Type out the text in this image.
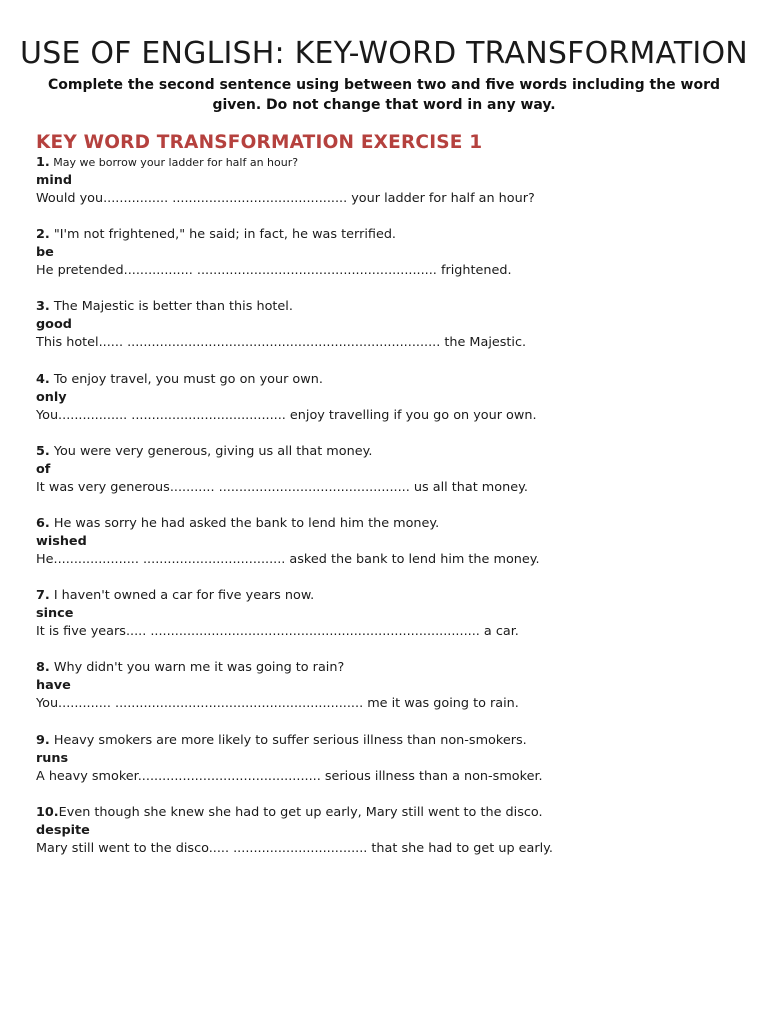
USE OF ENGLISH: KEY-WORD TRANSFORMATION
Complete the second sentence using between two and five words including the word given. Do not change that word in any way.
KEY WORD TRANSFORMATION EXERCISE 1
1. May we borrow your ladder for half an hour?
mind
Would you................ ........................................... your ladder for half an hour?
2. "I'm not frightened," he said; in fact, he was terrified.
be
He pretended................. ........................................................... frightened.
3. The Majestic is better than this hotel.
good
This hotel...... ............................................................................. the Majestic.
4. To enjoy travel, you must go on your own.
only
You................. ...................................... enjoy travelling if you go on your own.
5. You were very generous, giving us all that money.
of
It was very generous........... ............................................... us all that money.
6. He was sorry he had asked the bank to lend him the money.
wished
He..................... ................................... asked the bank to lend him the money.
7. I haven't owned a car for five years now.
since
It is five years..... ................................................................................. a car.
8. Why didn't you warn me it was going to rain?
have
You............. ............................................................. me it was going to rain.
9. Heavy smokers are more likely to suffer serious illness than non-smokers.
runs
A heavy smoker............................................. serious illness than a non-smoker.
10.Even though she knew she had to get up early, Mary still went to the disco.
despite
Mary still went to the disco..... ................................. that she had to get up early.
